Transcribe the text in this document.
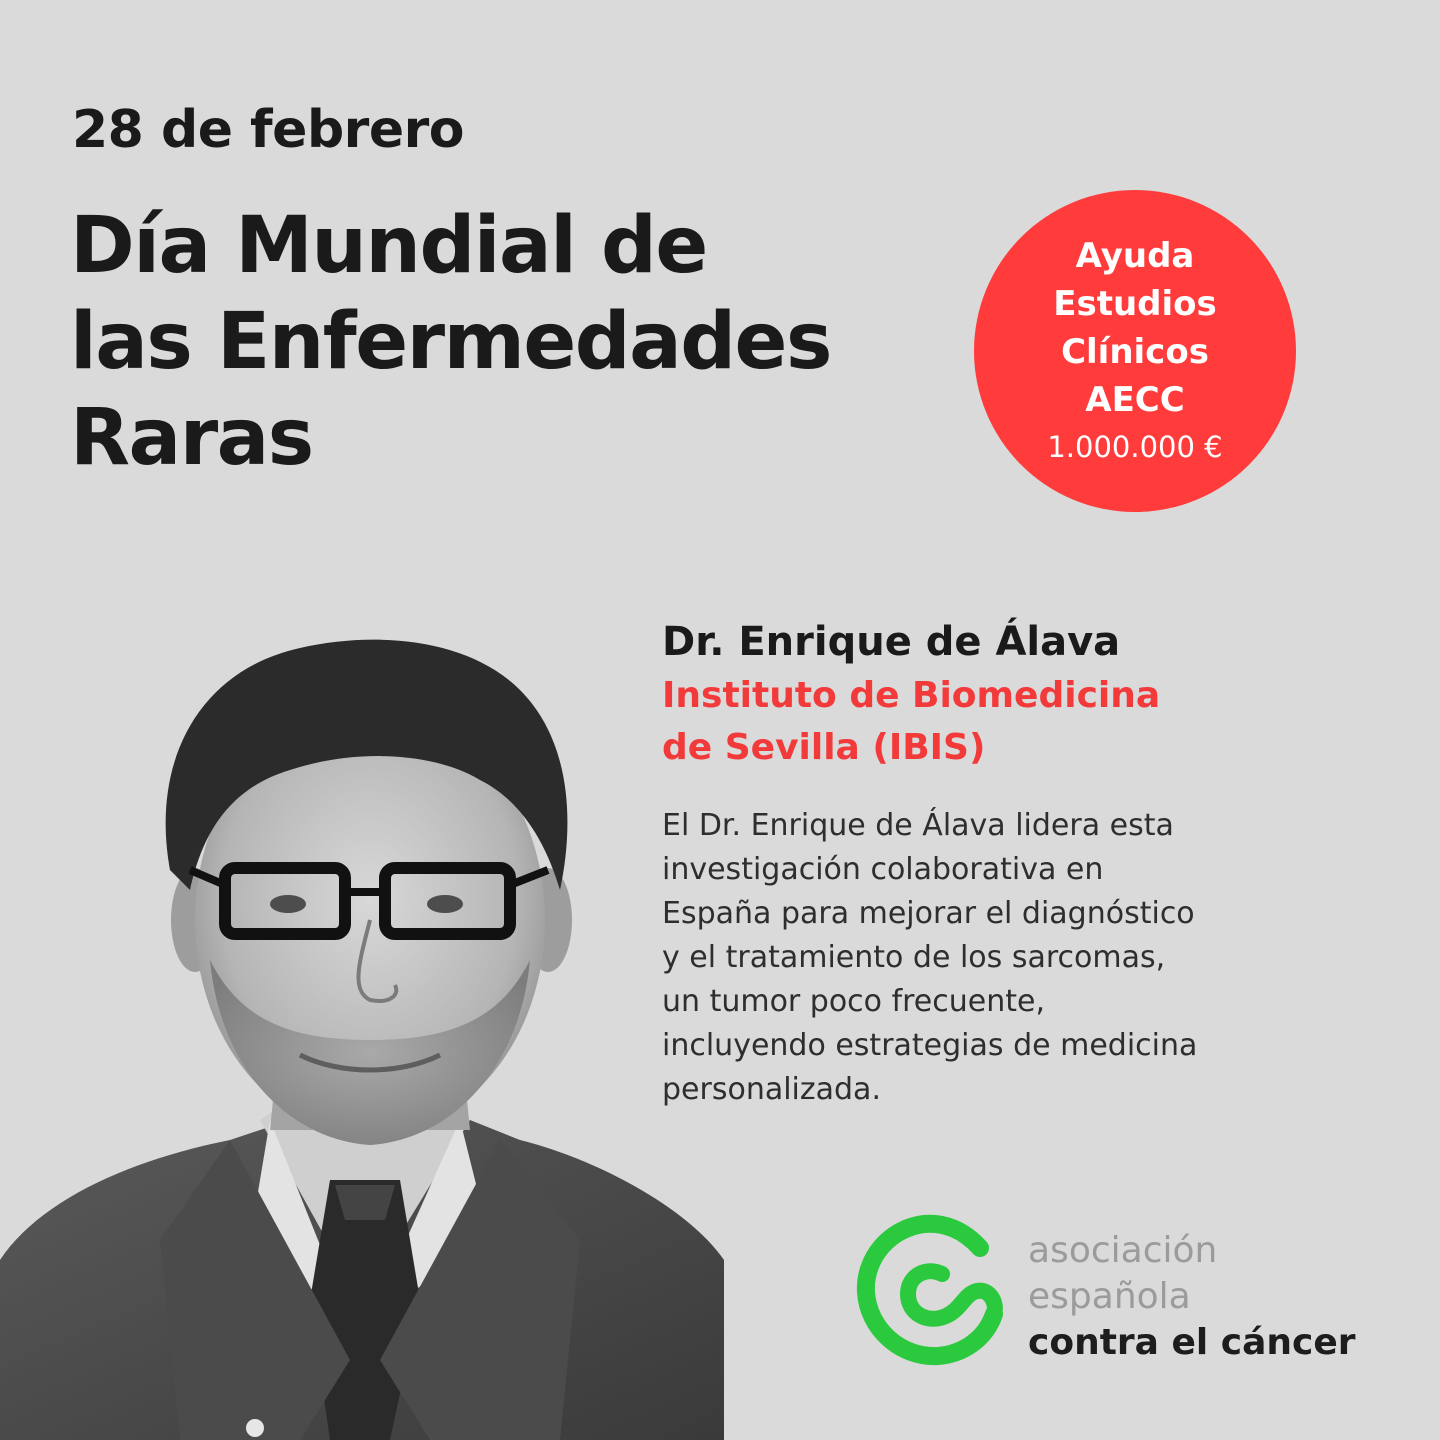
28 de febrero
Día Mundial de
las Enfermedades
Raras
Ayuda
Estudios
Clínicos
AECC
1.000.000 €
Dr. Enrique de Álava
Instituto de Biomedicina
de Sevilla (IBIS)
El Dr. Enrique de Álava lidera esta
investigación colaborativa en
España para mejorar el diagnóstico
y el tratamiento de los sarcomas,
un tumor poco frecuente,
incluyendo estrategias de medicina
personalizada.
asociación
española
contra el cáncer
